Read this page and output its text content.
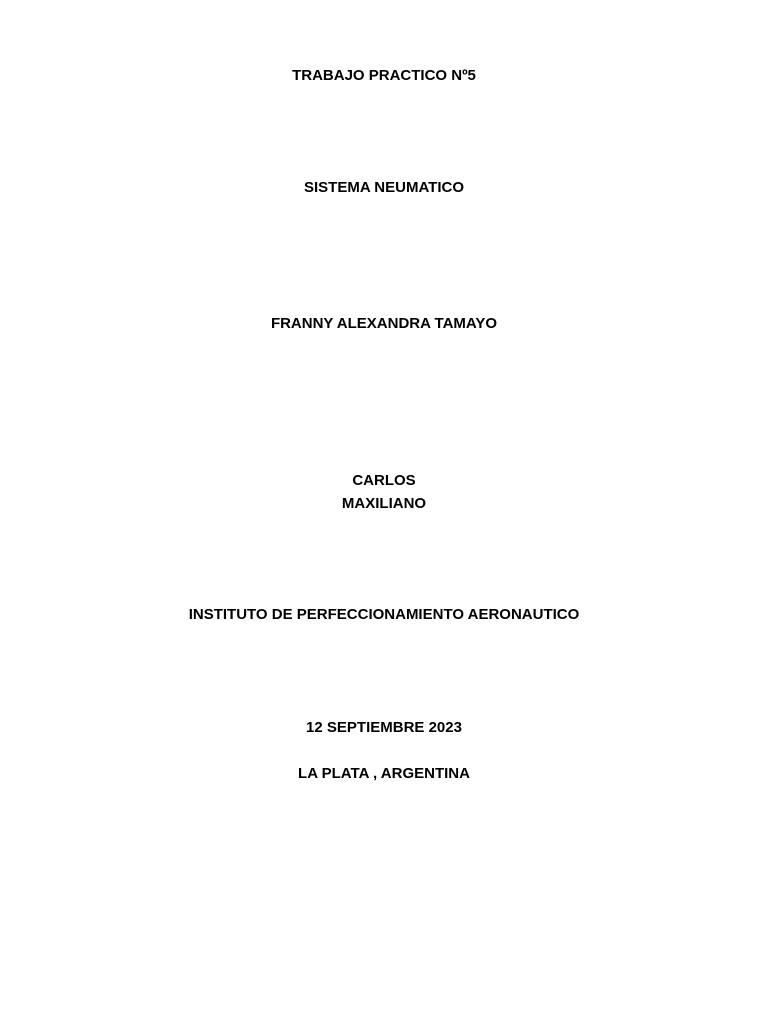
TRABAJO PRACTICO Nº5
SISTEMA NEUMATICO
FRANNY ALEXANDRA TAMAYO
CARLOS
MAXILIANO
INSTITUTO DE PERFECCIONAMIENTO AERONAUTICO
12 SEPTIEMBRE 2023
LA PLATA , ARGENTINA
